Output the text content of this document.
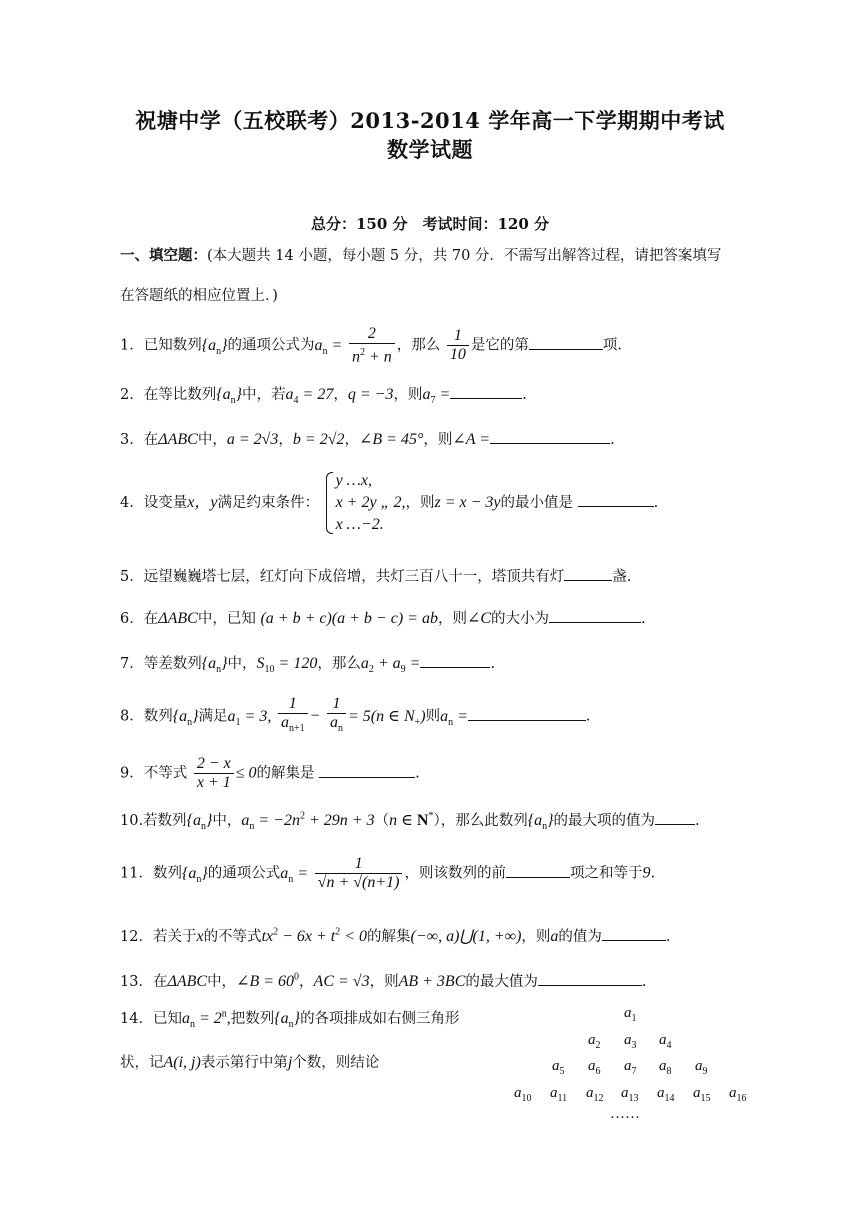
祝塘中学（五校联考）2013-2014 学年高一下学期期中考试
数学试题
总分：150 分　考试时间：120 分
一、填空题：(本大题共 14 小题，每小题 5 分，共 70 分．不需写出解答过程，请把答案填写
在答题纸的相应位置上．)
1．已知数列$\{a_n\}$的通项公式为$a_n = \frac{2}{n^2 + n}$ ，那么 $\frac{1}{10}$ 是它的第	项.
2．在等比数列$\{a_n\}$中，若$a_4 = 27$，q = −3，则$a_7$ =	.
3．在ΔABC中，a = 2√3，b = 2√2，∠B = 45°，则∠A =	.
4．设变量x，y满足约束条件：
y …x,
x + 2y „ 2,
x …−2.
，则z = x − 3y的最小值是	.
5．远望巍巍塔七层，红灯向下成倍增，共灯三百八十一，塔顶共有灯	盏.
6．在ΔABC中，已知 (a + b + c)(a + b − c) = ab，则∠C的大小为	.
7．等差数列$\{a_n\}$中，$S_{10} = 120$，那么$a_2 + a_9$ =	.
8．数列$\{a_n\}$满足$a_1 = 3$, $\frac{1}{a_{n+1}} - \frac{1}{a_n} = 5(n$ ∈ $N_+$)则$a_n$ =	.
9．不等式 $\frac{2 - x}{x + 1} \le 0$的解集是	.
10.若数列$\{a_n\}$中，$a_n = -2n^2 + 29n + 3(n$ ∈ N*），那么此数列$\{a_n\}$的最大项的值为	.
11．数列$\{a_n\}$的通项公式$a_n = \frac{1}{√n + √(n+1)}$ ，则该数列的前	项之和等于9.
12．若关于x的不等式$tx^2 - 6x + t^2 < 0$的解集(−∞, a)⋃(1, +∞)，则a的值为	.
13．在ΔABC中，∠B = $60^0$，AC = √3，则AB + 3BC的最大值为	.
14．已知$a_n = 2^n$,把数列$\{a_n\}$的各项排成如右侧三角形
状，记A(i, j)表示第行中第j个数，则结论
$a_1$
$a_2$ $a_3$ $a_4$
$a_5$ $a_6$ $a_7$ $a_8$ $a_9$
$a_{10}$ $a_{11}$ $a_{12}$ $a_{13}$ $a_{14}$ $a_{15}$ $a_{16}$
……
